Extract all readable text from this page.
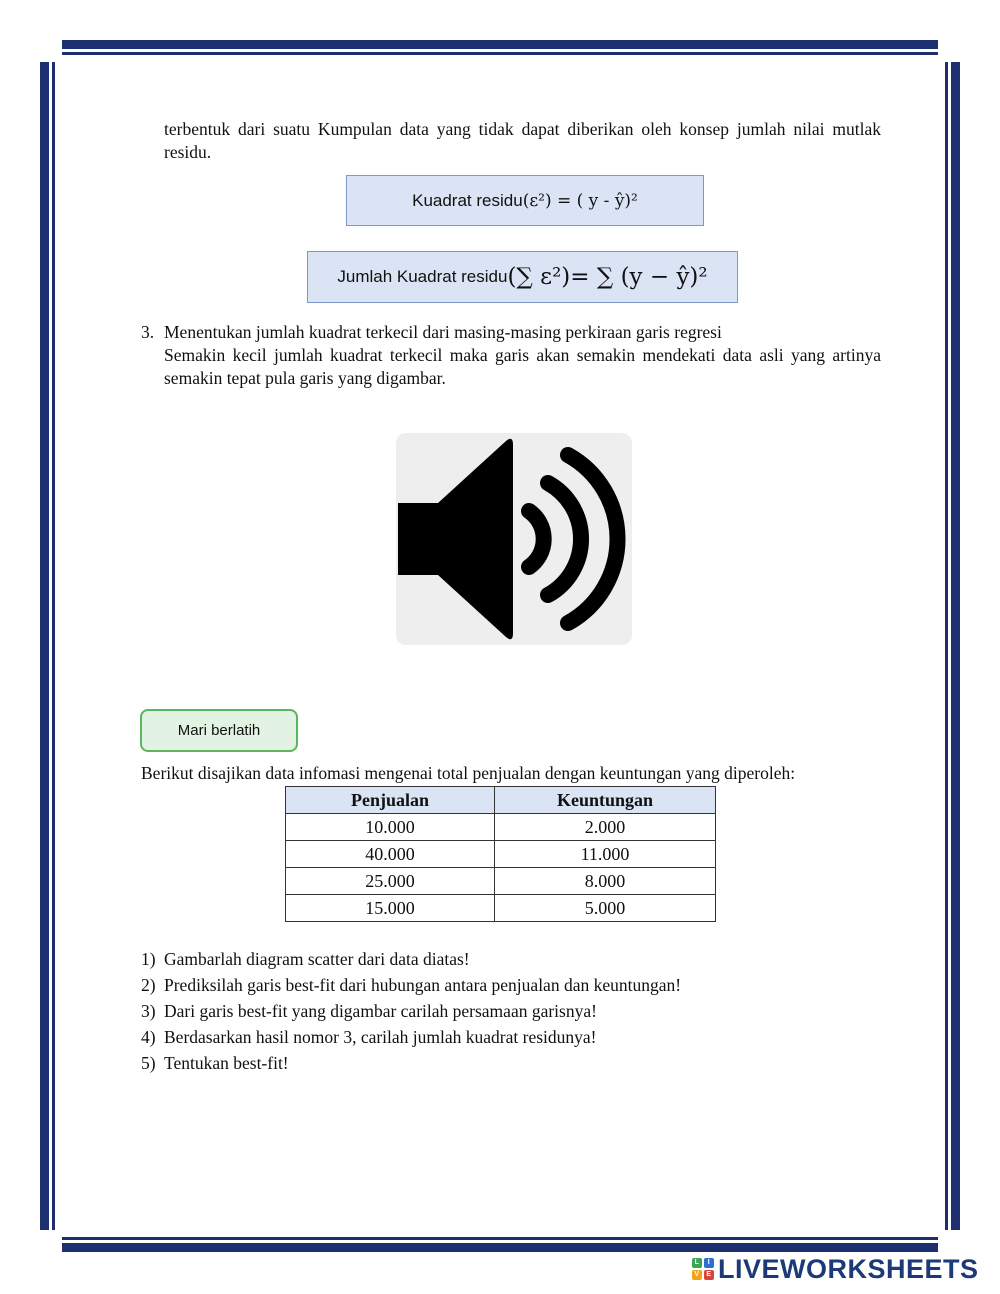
terbentuk dari suatu Kumpulan data yang tidak dapat diberikan oleh konsep jumlah nilai mutlak residu.
Kuadrat residu (ε²) = ( y - ŷ)²
Jumlah Kuadrat residu (∑ ε²)= ∑ (y − ŷ)²
3. Menentukan jumlah kuadrat terkecil dari masing-masing perkiraan garis regresi
Semakin kecil jumlah kuadrat terkecil maka garis akan semakin mendekati data asli yang artinya semakin tepat pula garis yang digambar.
Mari berlatih
Berikut disajikan data infomasi mengenai total penjualan dengan keuntungan yang diperoleh:
Penjualan	Keuntungan
10.000	2.000
40.000	11.000
25.000	8.000
15.000	5.000
1) Gambarlah diagram scatter dari data diatas!
2) Prediksilah garis best-fit dari hubungan antara penjualan dan keuntungan!
3) Dari garis best-fit yang digambar carilah persamaan garisnya!
4) Berdasarkan hasil nomor 3, carilah jumlah kuadrat residunya!
5) Tentukan best-fit!
L	I
V E LIVEWORKSHEETS
